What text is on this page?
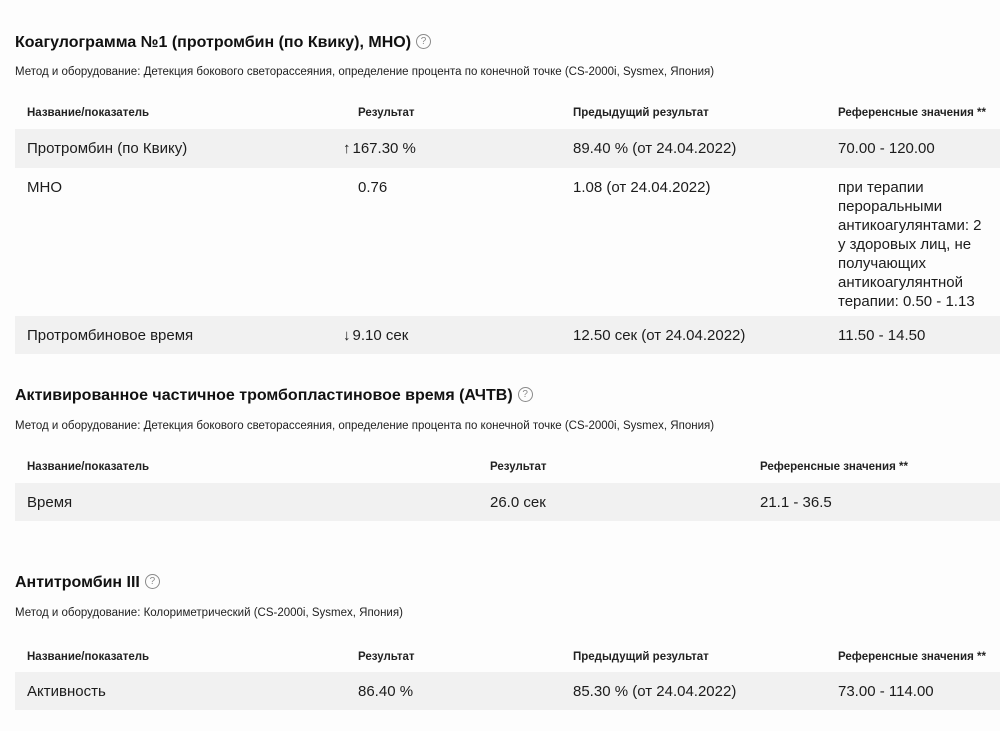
Коагулограмма №1 (протромбин (по Квику), МНО) ?
Метод и оборудование: Детекция бокового светорассеяния, определение процента по конечной точке (CS-2000i, Sysmex, Япония)
Название/показатель	Результат	Предыдущий результат	Референсные значения **
Протромбин (по Квику)	↑ 167.30 %	89.40 % (от 24.04.2022)	70.00 - 120.00
МНО	0.76	1.08 (от 24.04.2022)	при терапии пероральными антикоагулянтами: 2 у здоровых лиц, не получающих антикоагулянтной терапии: 0.50 - 1.13
Протромбиновое время	↓ 9.10 сек	12.50 сек (от 24.04.2022)	11.50 - 14.50
Активированное частичное тромбопластиновое время (АЧТВ) ?
Метод и оборудование: Детекция бокового светорассеяния, определение процента по конечной точке (CS-2000i, Sysmex, Япония)
Название/показатель	Результат	Референсные значения **
Время	26.0 сек	21.1 - 36.5
Антитромбин III ?
Метод и оборудование: Колориметрический (CS-2000i, Sysmex, Япония)
Название/показатель	Результат	Предыдущий результат	Референсные значения **
Активность	86.40 %	85.30 % (от 24.04.2022)	73.00 - 114.00
